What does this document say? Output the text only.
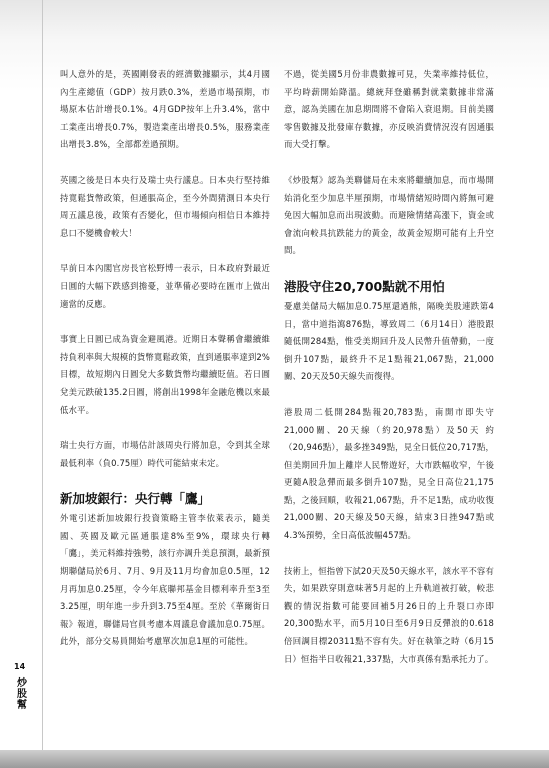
叫人意外的是，英國剛發表的經濟數據顯示，其4月國內生產總值（GDP）按月跌0.3%，差過市場預期，市場原本估計增長0.1%。4月GDP按年上升3.4%，當中工業產出增長0.7%，製造業產出增長0.5%，服務業產出增長3.8%，全部都差過預期。

英國之後是日本央行及瑞士央行議息。日本央行堅持維持寬鬆貨幣政策，但通脹高企，至今外間猜測日本央行周五議息後，政策有否變化，但市場傾向相信日本維持息口不變機會較大！

早前日本內閣官房長官松野博一表示，日本政府對最近日圓的大幅下跌感到擔憂，並準備必要時在匯市上做出適當的反應。

事實上日圓已成為資金避風港。近期日本聲稱會繼續維持負利率與大規模的貨幣寬鬆政策，直到通脹率達到2%目標，故短期內日圓兌大多數貨幣均繼續貶值。若日圓兌美元跌破135.2日圓，將創出1998年金融危機以來最低水平。

瑞士央行方面，市場估計該周央行將加息，令到其全球最低利率（負0.75厘）時代可能結束未定。

新加坡銀行：央行轉「鷹」

外電引述新加坡銀行投資策略主管李依萊表示，隨美國、英國及歐元區通脹達8%至9%，環球央行轉「鷹」，美元料維持強勢，該行亦調升美息預測，最新預期聯儲局於6月、7月、9月及11月均會加息0.5厘，12月再加息0.25厘，令今年底聯邦基金目標利率升至3至3.25厘，明年進一步升到3.75至4厘。至於《華爾街日報》報道，聯儲局官員考慮本周議息會議加息0.75厘。此外，部分交易員開始考慮單次加息1厘的可能性。

不過，從美國5月份非農數據可見，失業率維持低位，平均時薪開始降溫。總統拜登雖稱對就業數據非常滿意，認為美國在加息期間將不會陷入衰退期。目前美國零售數據及批發庫存數據，亦反映消費情況沒有因通脹而大受打擊。

《炒股幫》認為美聯儲局在未來將繼續加息，而市場開始消化至少加息半厘預期，市場情緒短時間內將無可避免因大幅加息而出現波動。而避險情緒高漲下，資金或會流向較具抗跌能力的黃金，故黃金短期可能有上升空間。

港股守住20,700點就不用怕

憂慮美儲局大幅加息0.75厘還過熊，隔晚美股連跌第4日，當中道指瀉876點，導致周二（6月14日）港股跟隨低開284點，惟受美期回升及人民幣升值帶動，一度倒升107點，最終升不足1點報21,067點，21,000關、20天及50天線失而復得。

港股周二低開284點報20,783點，南開市即失守21,000關、20天線（約20,978點）及50天 約（20,946點），最多挫349點，見全日低位20,717點，但美期回升加上離岸人民幣遊好，大市跌幅收窄，午後更隨A股急彈而最多倒升107點，見全日高位21,175點，之後回順，收報21,067點，升不足1點，成功收復21,000關、20天線及50天線，結束3日挫947點或4.3%預勢，全日高低波幅457點。

技術上，恒指曾下試20天及50天線水平，該水平不容有失，如果跌穿則意味著5月起的上升軌道被打破，較悲觀的情況指數可能要回補5月26日的上升裂口亦即20,300點水平，而5月10日至6月9日反彈浪的0.618倍回調目標20311點不容有失。好在執筆之時（6月15日）恒指半日收報21,337點，大市真係有點承托力了。

14
炒股幫
